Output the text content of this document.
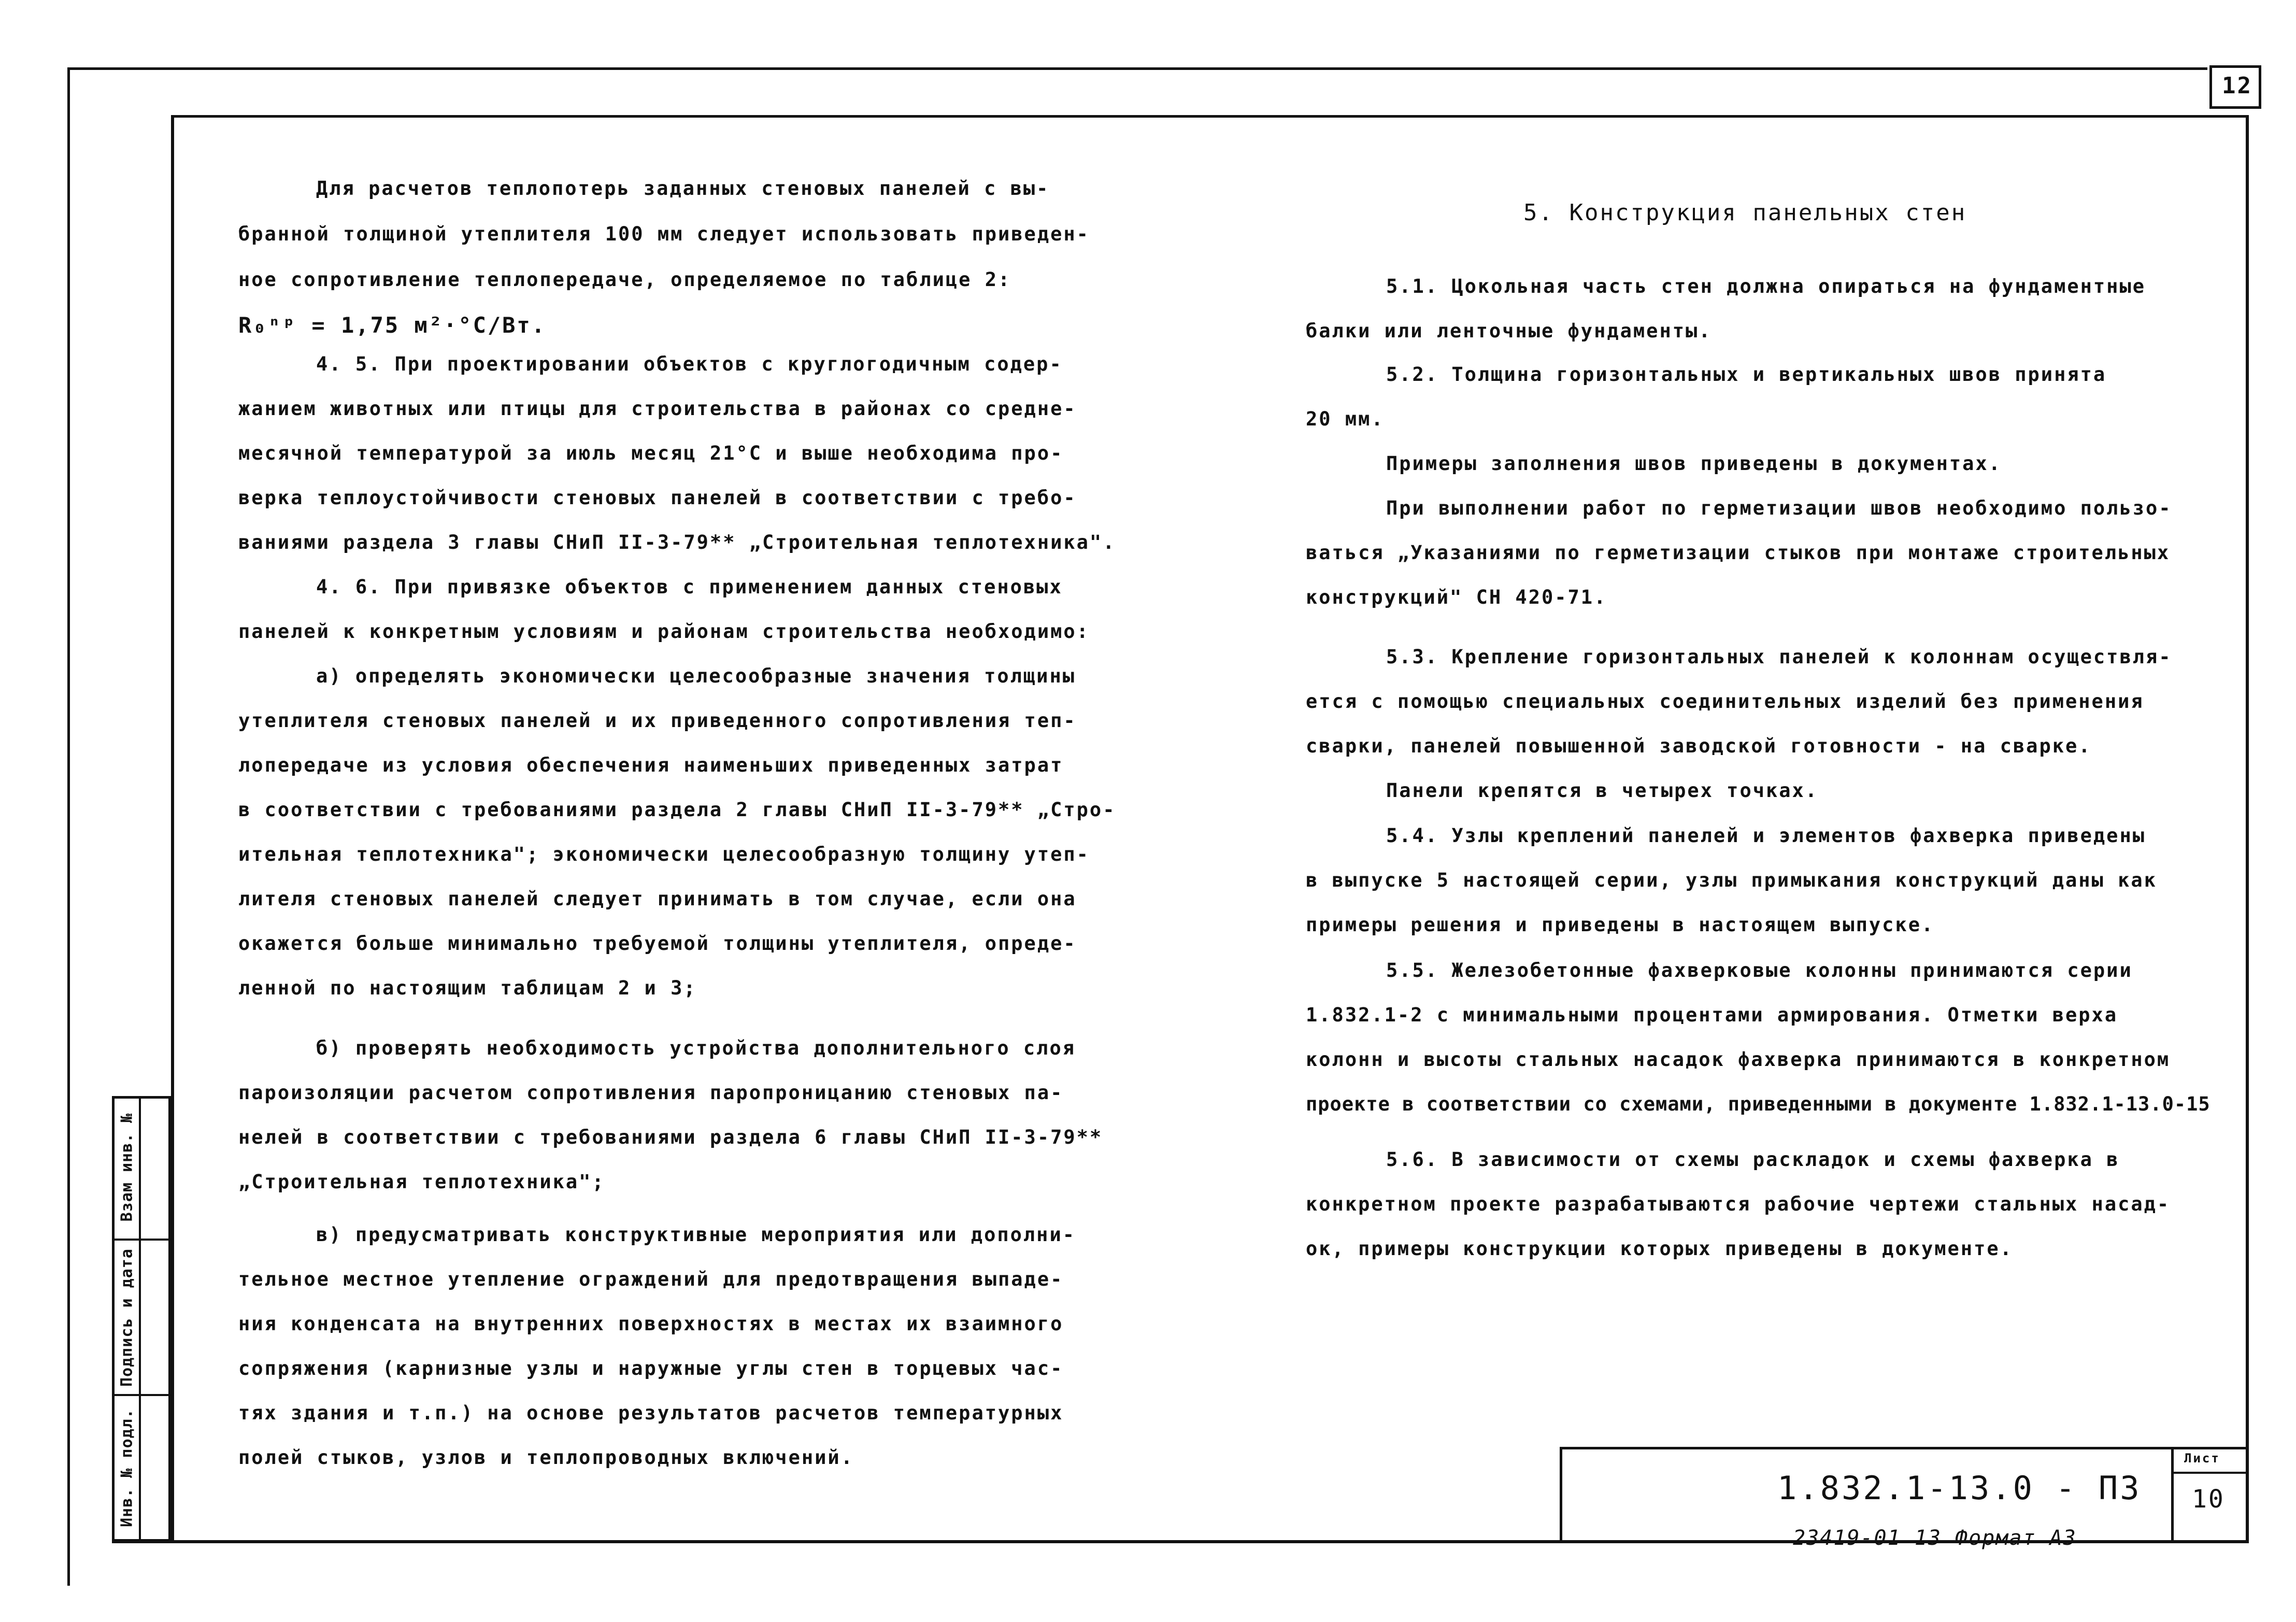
12
Взам инв. №
Подпись и дата
Инв. № подл.	1.832.1-13.0 - ПЗ
Лист
10
23419-01 13 Формат А3
Для расчетов теплопотерь заданных стеновых панелей с вы-
бранной толщиной утеплителя 100 мм следует использовать приведен-
ное сопротивление теплопередаче, определяемое по таблице 2:
R₀ⁿᵖ = 1,75 м²·°С/Вт.
4. 5. При проектировании объектов с круглогодичным содер-
жанием животных или птицы для строительства в районах со средне-
месячной температурой за июль месяц 21°С и выше необходима про-
верка теплоустойчивости стеновых панелей в соответствии с требо-
ваниями раздела 3 главы СНиП II-3-79** „Строительная теплотехника".
4. 6. При привязке объектов с применением данных стеновых
панелей к конкретным условиям и районам строительства необходимо:
а) определять экономически целесообразные значения толщины
утеплителя стеновых панелей и их приведенного сопротивления теп-
лопередаче из условия обеспечения наименьших приведенных затрат
в соответствии с требованиями раздела 2 главы СНиП II-3-79** „Стро-
ительная теплотехника"; экономически целесообразную толщину утеп-
лителя стеновых панелей следует принимать в том случае, если она
окажется больше минимально требуемой толщины утеплителя, опреде-
ленной по настоящим таблицам 2 и 3;
б) проверять необходимость устройства дополнительного слоя
пароизоляции расчетом сопротивления паропроницанию стеновых па-
нелей в соответствии с требованиями раздела 6 главы СНиП II-3-79**
„Строительная теплотехника";
в) предусматривать конструктивные мероприятия или дополни-
тельное местное утепление ограждений для предотвращения выпаде-
ния конденсата на внутренних поверхностях в местах их взаимного
сопряжения (карнизные узлы и наружные углы стен в торцевых час-
тях здания и т.п.) на основе результатов расчетов температурных
полей стыков, узлов и теплопроводных включений.
5. Конструкция панельных стен
5.1. Цокольная часть стен должна опираться на фундаментные
балки или ленточные фундаменты.
5.2. Толщина горизонтальных и вертикальных швов принята
20 мм.
Примеры заполнения швов приведены в документах.
При выполнении работ по герметизации швов необходимо пользо-
ваться „Указаниями по герметизации стыков при монтаже строительных
конструкций" СН 420-71.
5.3. Крепление горизонтальных панелей к колоннам осуществля-
ется с помощью специальных соединительных изделий без применения
сварки, панелей повышенной заводской готовности - на сварке.
Панели крепятся в четырех точках.
5.4. Узлы креплений панелей и элементов фахверка приведены
в выпуске 5 настоящей серии, узлы примыкания конструкций даны как
примеры решения и приведены в настоящем выпуске.
5.5. Железобетонные фахверковые колонны принимаются серии
1.832.1-2 с минимальными процентами армирования. Отметки верха
колонн и высоты стальных насадок фахверка принимаются в конкретном
проекте в соответствии со схемами, приведенными в документе 1.832.1-13.0-15
5.6. В зависимости от схемы раскладок и схемы фахверка в
конкретном проекте разрабатываются рабочие чертежи стальных насад-
ок, примеры конструкции которых приведены в документе.
